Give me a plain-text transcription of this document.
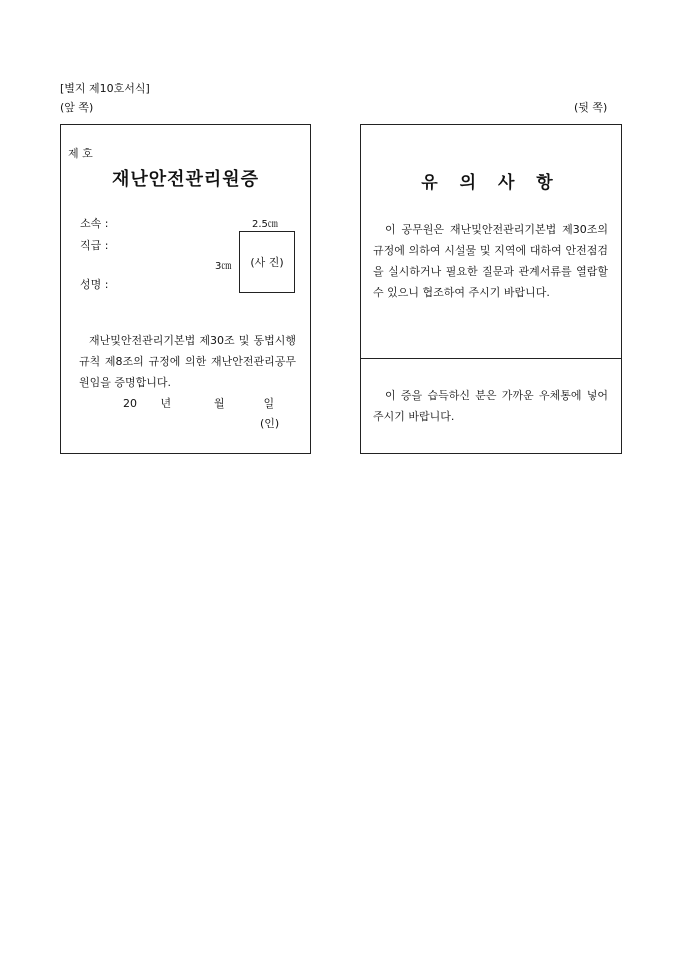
[별지 제10호서식]
(앞 쪽)	(뒷 쪽)
제 호
재난안전관리원증
소속 :
직급 :
성명 :
2.5㎝
3㎝ (사 진)
재난및안전관리기본법 제30조 및 동법시행규칙 제8조의 규정에 의한 재난안전관리공무원임을 증명합니다.
20 년	월	일
(인)
유 의 사 항
이 공무원은 재난및안전관리기본법 제30조의 규정에 의하여 시설물 및 지역에 대하여 안전점검을 실시하거나 필요한 질문과 관계서류를 열람할 수 있으니 협조하여 주시기 바랍니다.
이 증을 습득하신 분은 가까운 우체통에 넣어 주시기 바랍니다.
